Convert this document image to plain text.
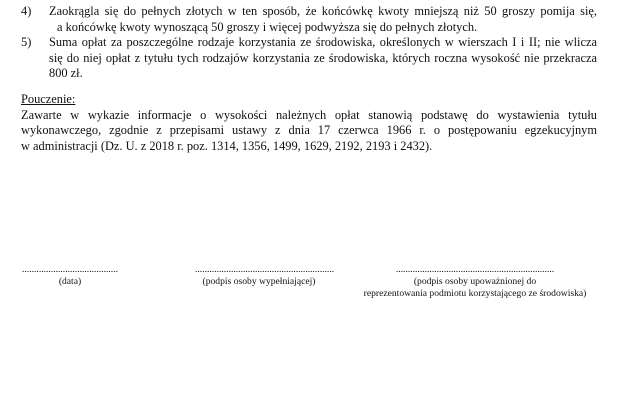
4)	Zaokrągla się do pełnych złotych w ten sposób, że końcówkę kwoty mniejszą niż 50 groszy pomija się,
a końcówkę kwoty wynoszącą 50 groszy i więcej podwyższa się do pełnych złotych.
5)	Suma opłat za poszczególne rodzaje korzystania ze środowiska, określonych w wierszach I i II; nie wlicza
się do niej opłat z tytułu tych rodzajów korzystania ze środowiska, których roczna wysokość nie przekracza
800 zł.
Pouczenie:
Zawarte w wykazie informacje o wysokości należnych opłat stanowią podstawę do wystawienia tytułu
wykonawczego, zgodnie z przepisami ustawy z dnia 17 czerwca 1966 r. o postępowaniu egzekucyjnym
w administracji (Dz. U. z 2018 r. poz. 1314, 1356, 1499, 1629, 2192, 2193 i 2432).
........................................
(data)
..........................................................
(podpis osoby wypełniającej)
..................................................................
(podpis osoby upoważnionej do
reprezentowania podmiotu korzystającego ze środowiska)
